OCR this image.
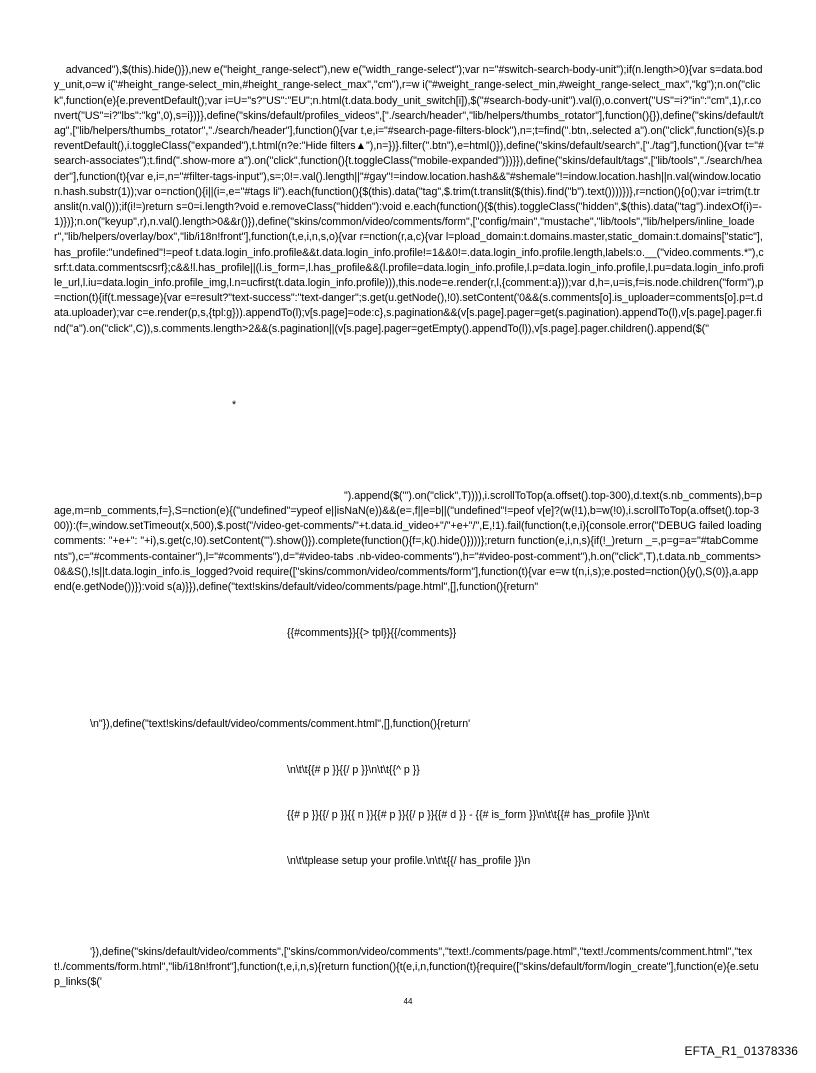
advanced"),$(this).hide()}),new e("height_range-select"),new e("width_range-select");var n="#switch-search-body-unit");if(n.length>0){var s=data.body_unit,o=w i("#height_range-select_min,#height_range-select_max","cm"),r=w i("#weight_range-select_min,#weight_range-select_max","kg");n.on("click",function(e){e.preventDefault();var i=U="s?"US":"EU";n.html(t.data.body_unit_switch[i]),$("#search-body-unit").val(i),o.convert("US"=i?"in":"cm",1),r.convert("US"=i?"lbs":"kg",0),s=i})}},define("skins/default/profiles_videos",["./search/header","lib/helpers/thumbs_rotator"],function(){}),define("skins/default/tag",["lib/helpers/thumbs_rotator","./search/header"],function(){var t,e,i="#search-page-filters-block"),n=;t=find(".btn,.selected a").on("click",function(s){s.preventDefault(),i.toggleClass("expanded"),t.html(n?e:"Hide filters▲"),n=})}.filter(".btn"),e=html()}),define("skins/default/search",["./tag"],function(){var t="#search-associates");t.find(".show-more a").on("click",function(){t.toggleClass("mobile-expanded")})}}),define("skins/default/tags",["lib/tools","./search/header"],function(t){var e,i=,n="#filter-tags-input"),s=;0!=.val().length||"#gay"!=indow.location.hash&&"#shemale"!=indow.location.hash||n.val(window.location.hash.substr(1));var o=nction(){i||(i=,e="#tags li").each(function(){$(this).data("tag",$.trim(t.translit($(this).find("b").text())))})},r=nction(){o();var i=trim(t.translit(n.val()));if(i!=)return s=0=i.length?void e.removeClass("hidden"):void e.each(function(){$(this).toggleClass("hidden",$(this).data("tag").indexOf(i)=-1)})};n.on("keyup",r),n.val().length>0&&r()}),define("skins/common/video/comments/form",["config/main","mustache","lib/tools","lib/helpers/inline_loader","lib/helpers/overlay/box","lib/i18n!front"],function(t,e,i,n,s,o){var r=nction(r,a,c){var l=pload_domain:t.domains.master,static_domain:t.domains["static"],has_profile:"undefined"!=peof t.data.login_info.profile&&t.data.login_info.profile!=1&&0!=.data.login_info.profile.length,labels:o.__("video.comments.*"),csrf:t.data.commentscsrf};c&&!l.has_profile||(l.is_form=,l.has_profile&&(l.profile=data.login_info.profile,l.p=data.login_info.profile,l.pu=data.login_info.profile_url,l.iu=data.login_info.profile_img,l.n=ucfirst(t.data.login_info.profile))),this.node=e.render(r,l,{comment:a}));var d,h=,u=is,f=is.node.children("form"),p=nction(t){if(t.message){var e=result?"text-success":"text-danger";s.get(u.getNode(),!0).setContent('0&&(s.comments[o].is_uploader=comments[o].p=t.data.uploader);var c=e.render(p,s,{tpl:g})).appendTo(l);v[s.page]=ode:c},s.pagination&&(v[s.page].pager=get(s.pagination).appendTo(l),v[s.page].pager.find("a").on("click",C)),s.comments.length>2&&(s.pagination||(v[s.page].pager=getEmpty().appendTo(l)),v[s.page].pager.children().append($("

*

").append($('").on("click",T)))),i.scrollToTop(a.offset().top-300),d.text(s.nb_comments),b=page,m=nb_comments,f=},S=nction(e){("undefined"=ypeof e||isNaN(e))&&(e=,f||e=b||("undefined"!=peof v[e]?(w(!1),b=w(!0),i.scrollToTop(a.offset().top-300)):(f=,window.setTimeout(x,500),$.post("/video-get-comments/"+t.data.id_video+"/"+e+"/",E,!1).fail(function(t,e,i){console.error("DEBUG failed loading comments: "+e+": "+i),s.get(c,!0).setContent('").show()}).complete(function(){f=,k().hide()})))};return function(e,i,n,s){if(!_)return _=,p=g=a="#tabComments"),c="#comments-container"),l="#comments"),d="#video-tabs .nb-video-comments"),h="#video-post-comment"),h.on("click",T),t.data.nb_comments>0&&S(),!s||t.data.login_info.is_logged?void require(["skins/common/video/comments/form"],function(t){var e=w t(n,i,s);e.posted=nction(){y(),S(0)},a.append(e.getNode())}):void s(a)}}),define("text!skins/default/video/comments/page.html",[],function(){return"

{{#comments}}{{> tpl}}{{/comments}}

\n"}),define("text!skins/default/video/comments/comment.html",[],function(){return'

\n\t\t{{# p }}{{/ p }}\n\t\t{{^ p }}

{{# p }}{{/ p }}{{ n }}{{# p }}{{/ p }}{{# d }} - {{# is_form }}\n\t\t{{# has_profile }}\n\t

\n\t\tplease setup your profile.\n\t\t{{/ has_profile }}\n

'}),define("skins/default/video/comments",["skins/common/video/comments","text!./comments/page.html","text!./comments/comment.html","text!./comments/form.html","lib/i18n!front"],function(t,e,i,n,s){return function(){t(e,i,n,function(t){require(["skins/default/form/login_create"],function(e){e.setup_links($('

44
EFTA_R1_01378336
